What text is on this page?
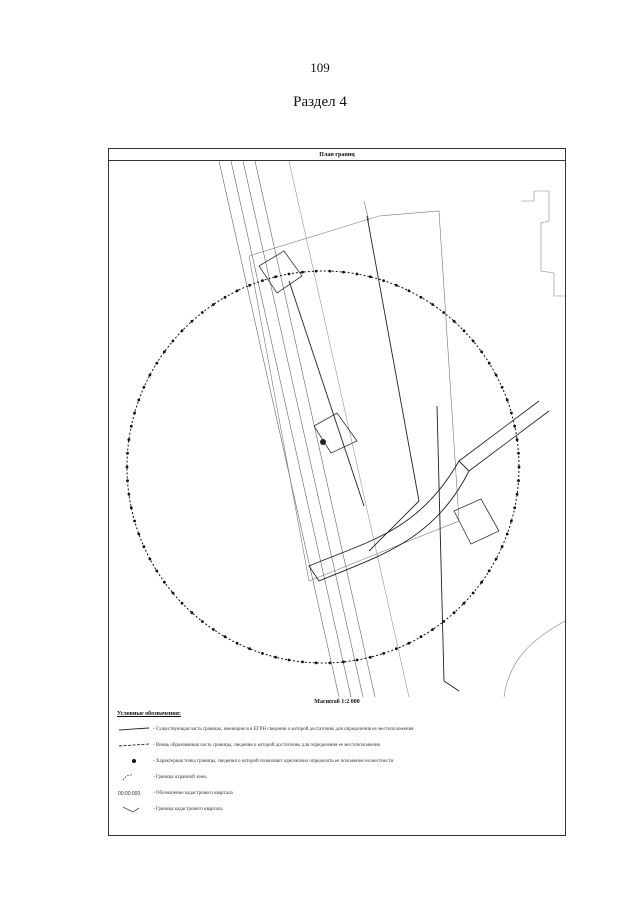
109
Раздел 4
План границ
Масштаб 1:2 000
Условные обозначения:
- Существующая часть границы, имеющиеся в ЕГРН сведения о которой достаточны для определения ее местоположения
- Вновь образованная часть границы, сведения о которой достаточны для определения ее местоположения
- Характерная точка границы, сведения о которой позволяют однозначно определить ее положение на местности
- Граница охранной зоны
00:00:000	- Обозначение кадастрового квартала
- Граница кадастрового квартала
